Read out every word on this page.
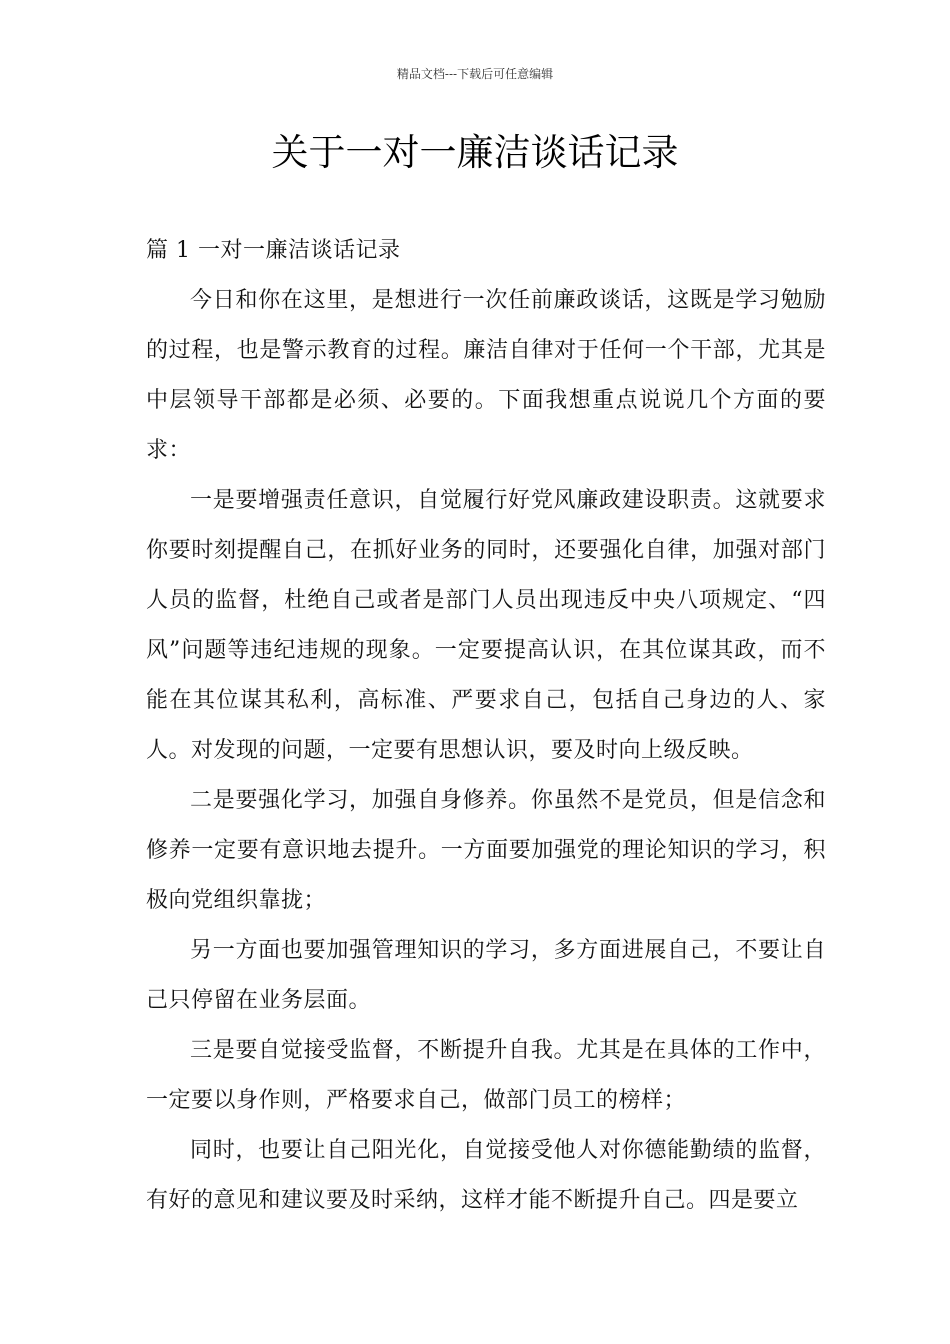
精品文档---下载后可任意编辑
关于一对一廉洁谈话记录

篇 1 一对一廉洁谈话记录

今日和你在这里，是想进行一次任前廉政谈话，这既是学习勉励的过程，也是警示教育的过程。廉洁自律对于任何一个干部，尤其是中层领导干部都是必须、必要的。下面我想重点说说几个方面的要求：

一是要增强责任意识，自觉履行好党风廉政建设职责。这就要求你要时刻提醒自己，在抓好业务的同时，还要强化自律，加强对部门人员的监督，杜绝自己或者是部门人员出现违反中央八项规定、“四风”问题等违纪违规的现象。一定要提高认识，在其位谋其政，而不能在其位谋其私利，高标准、严要求自己，包括自己身边的人、家人。对发现的问题，一定要有思想认识，要及时向上级反映。

二是要强化学习，加强自身修养。你虽然不是党员，但是信念和修养一定要有意识地去提升。一方面要加强党的理论知识的学习，积极向党组织靠拢；

另一方面也要加强管理知识的学习，多方面进展自己，不要让自己只停留在业务层面。

三是要自觉接受监督，不断提升自我。尤其是在具体的工作中，一定要以身作则，严格要求自己，做部门员工的榜样；

同时，也要让自己阳光化，自觉接受他人对你德能勤绩的监督，有好的意见和建议要及时采纳，这样才能不断提升自己。四是要立
